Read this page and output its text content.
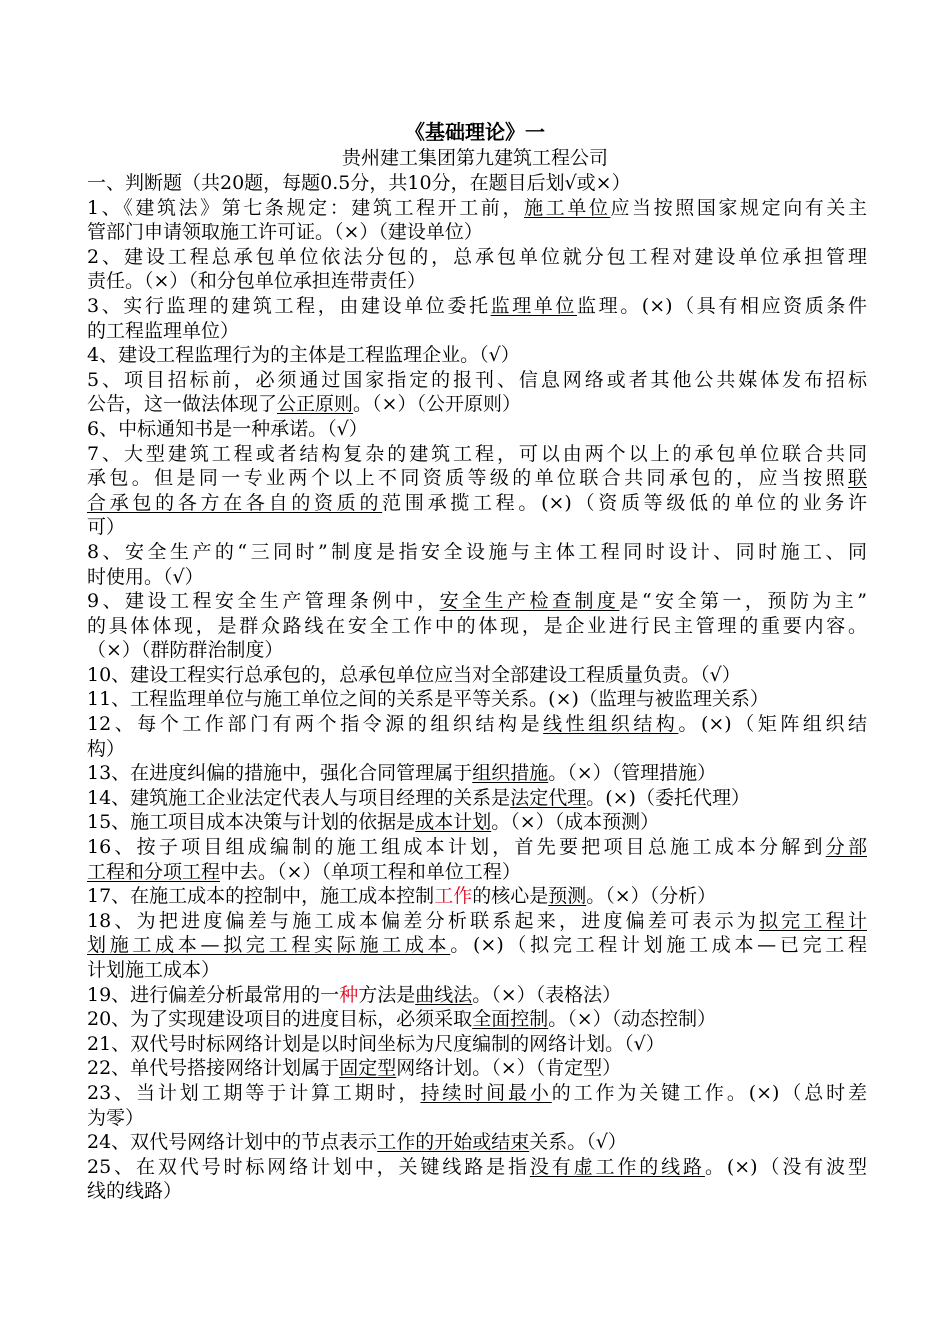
《基础理论》一
贵州建工集团第九建筑工程公司
一、判断题（共20题，每题0.5分，共10分，在题目后划√或×）
1、《建筑法》第七条规定：建筑工程开工前，施工单位应当按照国家规定向有关主
管部门申请领取施工许可证。（×）（建设单位）
2、建设工程总承包单位依法分包的，总承包单位就分包工程对建设单位承担管理
责任。（×）（和分包单位承担连带责任）
3、实行监理的建筑工程，由建设单位委托监理单位监理。(×)（具有相应资质条件
的工程监理单位）
4、建设工程监理行为的主体是工程监理企业。（√）
5、项目招标前，必须通过国家指定的报刊、信息网络或者其他公共媒体发布招标
公告，这一做法体现了公正原则。（×）（公开原则）
6、中标通知书是一种承诺。（√）
7、大型建筑工程或者结构复杂的建筑工程，可以由两个以上的承包单位联合共同
承包。但是同一专业两个以上不同资质等级的单位联合共同承包的，应当按照联
合承包的各方在各自的资质的范围承揽工程。(×)（资质等级低的单位的业务许
可）
8、安全生产的“三同时”制度是指安全设施与主体工程同时设计、同时施工、同
时使用。（√）
9、建设工程安全生产管理条例中，安全生产检查制度是“安全第一，预防为主”
的具体体现，是群众路线在安全工作中的体现，是企业进行民主管理的重要内容。
（×）（群防群治制度）
10、建设工程实行总承包的，总承包单位应当对全部建设工程质量负责。（√）
11、工程监理单位与施工单位之间的关系是平等关系。(×)（监理与被监理关系）
12、每个工作部门有两个指令源的组织结构是线性组织结构。(×)（矩阵组织结
构）
13、在进度纠偏的措施中，强化合同管理属于组织措施。（×）（管理措施）
14、建筑施工企业法定代表人与项目经理的关系是法定代理。(×)（委托代理）
15、施工项目成本决策与计划的依据是成本计划。（×）（成本预测）
16、按子项目组成编制的施工组成本计划，首先要把项目总施工成本分解到分部
工程和分项工程中去。（×）（单项工程和单位工程）
17、在施工成本的控制中，施工成本控制工作的核心是预测。（×）（分析）
18、为把进度偏差与施工成本偏差分析联系起来，进度偏差可表示为拟完工程计
划施工成本—拟完工程实际施工成本。(×)（拟完工程计划施工成本—已完工程
计划施工成本）
19、进行偏差分析最常用的一种方法是曲线法。（×）（表格法）
20、为了实现建设项目的进度目标，必须采取全面控制。（×）（动态控制）
21、双代号时标网络计划是以时间坐标为尺度编制的网络计划。（√）
22、单代号搭接网络计划属于固定型网络计划。（×）（肯定型）
23、当计划工期等于计算工期时，持续时间最小的工作为关键工作。(×)（总时差
为零）
24、双代号网络计划中的节点表示工作的开始或结束关系。（√）
25、在双代号时标网络计划中，关键线路是指没有虚工作的线路。(×)（没有波型
线的线路）
